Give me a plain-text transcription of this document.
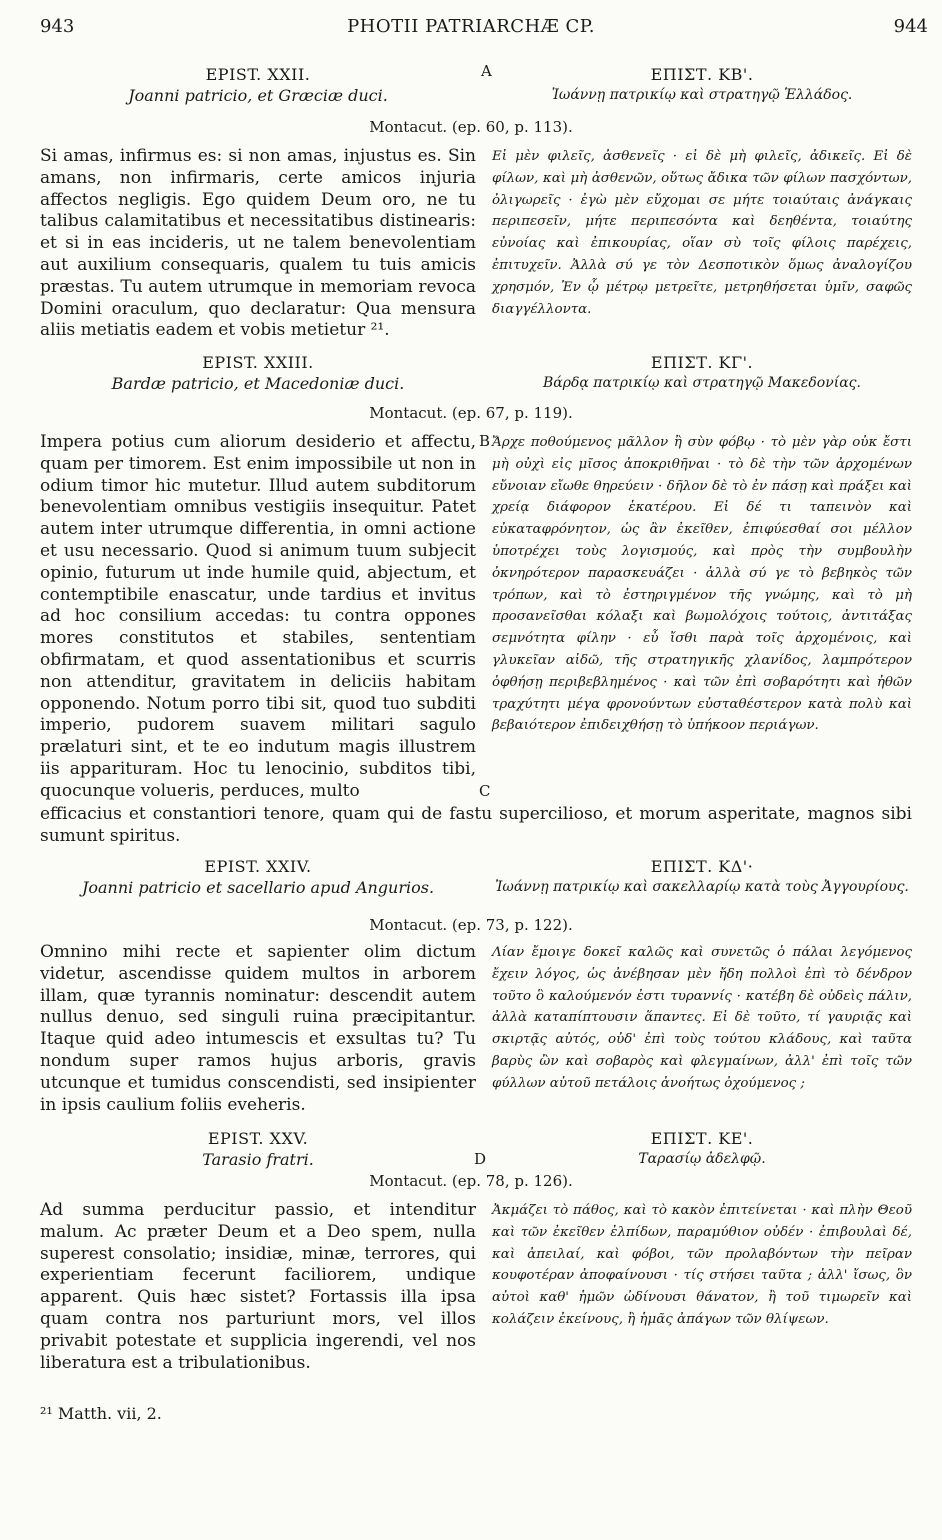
943	PHOTII PATRIARCHÆ CP.	944
A
B
C
D
EPIST. XXII.
Joanni patricio, et Græciæ duci.
ΕΠΙΣΤ. ΚΒ'.
Ἰωάννῃ πατρικίῳ καὶ στρατηγῷ Ἑλλάδος.
Montacut. (ep. 60, p. 113).
Si amas, infirmus es: si non amas, injustus es. Sin amans, non infirmaris, certe amicos injuria affectos negligis. Ego quidem Deum oro, ne tu talibus calamitatibus et necessitatibus distinearis: et si in eas incideris, ut ne talem benevolentiam aut auxilium consequaris, qualem tu tuis amicis præstas. Tu autem utrumque in memoriam revoca Domini oraculum, quo declaratur: Qua mensura aliis metiatis eadem et vobis metietur ²¹.
Εἰ μὲν φιλεῖς, ἀσθενεῖς · εἰ δὲ μὴ φιλεῖς, ἀδικεῖς. Εἰ δὲ φίλων, καὶ μὴ ἀσθενῶν, οὕτως ἄδικα τῶν φίλων πασχόντων, ὀλιγωρεῖς · ἐγὼ μὲν εὔχομαι σε μήτε τοιαύταις ἀνάγκαις περιπεσεῖν, μήτε περιπεσόντα καὶ δεηθέντα, τοιαύτης εὐνοίας καὶ ἐπικουρίας, οἵαν σὺ τοῖς φίλοις παρέχεις, ἐπιτυχεῖν. Ἀλλὰ σύ γε τὸν Δεσποτικὸν ὅμως ἀναλογίζου χρησμόν, Ἐν ᾧ μέτρῳ μετρεῖτε, μετρηθήσεται ὑμῖν, σαφῶς διαγγέλλοντα.
EPIST. XXIII.
Bardæ patricio, et Macedoniæ duci.
ΕΠΙΣΤ. ΚΓ'.
Βάρδᾳ πατρικίῳ καὶ στρατηγῷ Μακεδονίας.
Montacut. (ep. 67, p. 119).
Impera potius cum aliorum desiderio et affectu, quam per timorem. Est enim impossibile ut non in odium timor hic mutetur. Illud autem subditorum benevolentiam omnibus vestigiis insequitur. Patet autem inter utrumque differentia, in omni actione et usu necessario. Quod si animum tuum subjecit opinio, futurum ut inde humile quid, abjectum, et contemptibile enascatur, unde tardius et invitus ad hoc consilium accedas: tu contra oppones mores constitutos et stabiles, sententiam obfirmatam, et quod assentationibus et scurris non attenditur, gravitatem in deliciis habitam opponendo. Notum porro tibi sit, quod tuo subditi imperio, pudorem suavem militari sagulo prælaturi sint, et te eo indutum magis illustrem iis apparituram. Hoc tu lenocinio, subditos tibi, quocunque volueris, perduces, multo
Ἄρχε ποθούμενος μᾶλλον ἢ σὺν φόβῳ · τὸ μὲν γὰρ οὐκ ἔστι μὴ οὐχὶ εἰς μῖσος ἀποκριθῆναι · τὸ δὲ τὴν τῶν ἀρχομένων εὔνοιαν εἴωθε θηρεύειν · δῆλον δὲ τὸ ἐν πάσῃ καὶ πράξει καὶ χρείᾳ διάφορον ἑκατέρου. Εἰ δέ τι ταπεινὸν καὶ εὐκαταφρόνητον, ὡς ἂν ἐκεῖθεν, ἐπιφύεσθαί σοι μέλλον ὑποτρέχει τοὺς λογισμούς, καὶ πρὸς τὴν συμβουλὴν ὀκνηρότερον παρασκευάζει · ἀλλὰ σύ γε τὸ βεβηκὸς τῶν τρόπων, καὶ τὸ ἐστηριγμένον τῆς γνώμης, καὶ τὸ μὴ προσανεῖσθαι κόλαξι καὶ βωμολόχοις τούτοις, ἀντιτάξας σεμνότητα φίλην · εὖ ἴσθι παρὰ τοῖς ἀρχομένοις, καὶ γλυκεῖαν αἰδῶ, τῆς στρατηγικῆς χλανίδος, λαμπρότερον ὀφθήσῃ περιβεβλημένος · καὶ τῶν ἐπὶ σοβαρότητι καὶ ἠθῶν τραχύτητι μέγα φρονούντων εὐσταθέστερον κατὰ πολὺ καὶ βεβαιότερον ἐπιδειχθήσῃ τὸ ὑπήκοον περιάγων.
efficacius et constantiori tenore, quam qui de fastu supercilioso, et morum asperitate, magnos sibi sumunt spiritus.
EPIST. XXIV.
Joanni patricio et sacellario apud Angurios.
ΕΠΙΣΤ. ΚΔ'·
Ἰωάννῃ πατρικίῳ καὶ σακελλαρίῳ κατὰ τοὺς Ἀγγουρίους.
Montacut. (ep. 73, p. 122).
Omnino mihi recte et sapienter olim dictum videtur, ascendisse quidem multos in arborem illam, quæ tyrannis nominatur: descendit autem nullus denuo, sed singuli ruina præcipitantur. Itaque quid adeo intumescis et exsultas tu? Tu nondum super ramos hujus arboris, gravis utcunque et tumidus conscendisti, sed insipienter in ipsis caulium foliis eveheris.
Λίαν ἔμοιγε δοκεῖ καλῶς καὶ συνετῶς ὁ πάλαι λεγόμενος ἔχειν λόγος, ὡς ἀνέβησαν μὲν ἤδη πολλοὶ ἐπὶ τὸ δένδρον τοῦτο ὃ καλούμενόν ἐστι τυραννίς · κατέβη δὲ οὐδεὶς πάλιν, ἀλλὰ καταπίπτουσιν ἅπαντες. Εἰ δὲ τοῦτο, τί γαυριᾷς καὶ σκιρτᾷς αὐτός, οὐδ' ἐπὶ τοὺς τούτου κλάδους, καὶ ταῦτα βαρὺς ὢν καὶ σοβαρὸς καὶ φλεγμαίνων, ἀλλ' ἐπὶ τοῖς τῶν φύλλων αὐτοῦ πετάλοις ἀνοήτως ὀχούμενος ;
EPIST. XXV.
Tarasio fratri.
ΕΠΙΣΤ. ΚΕ'.
Ταρασίῳ ἀδελφῷ.
Montacut. (ep. 78, p. 126).
Ad summa perducitur passio, et intenditur malum. Ac præter Deum et a Deo spem, nulla superest consolatio; insidiæ, minæ, terrores, qui experientiam fecerunt faciliorem, undique apparent. Quis hæc sistet? Fortassis illa ipsa quam contra nos parturiunt mors, vel illos privabit potestate et supplicia ingerendi, vel nos liberatura est a tribulationibus.
Ἀκμάζει τὸ πάθος, καὶ τὸ κακὸν ἐπιτείνεται · καὶ πλὴν Θεοῦ καὶ τῶν ἐκεῖθεν ἐλπίδων, παραμύθιον οὐδέν · ἐπιβουλαὶ δέ, καὶ ἀπειλαί, καὶ φόβοι, τῶν προλαβόντων τὴν πεῖραν κουφοτέραν ἀποφαίνουσι · τίς στήσει ταῦτα ; ἀλλ' ἴσως, ὃν αὐτοὶ καθ' ἡμῶν ὠδίνουσι θάνατον, ἢ τοῦ τιμωρεῖν καὶ κολάζειν ἐκείνους, ἢ ἡμᾶς ἀπάγων τῶν θλίψεων.
²¹ Matth. vii, 2.
